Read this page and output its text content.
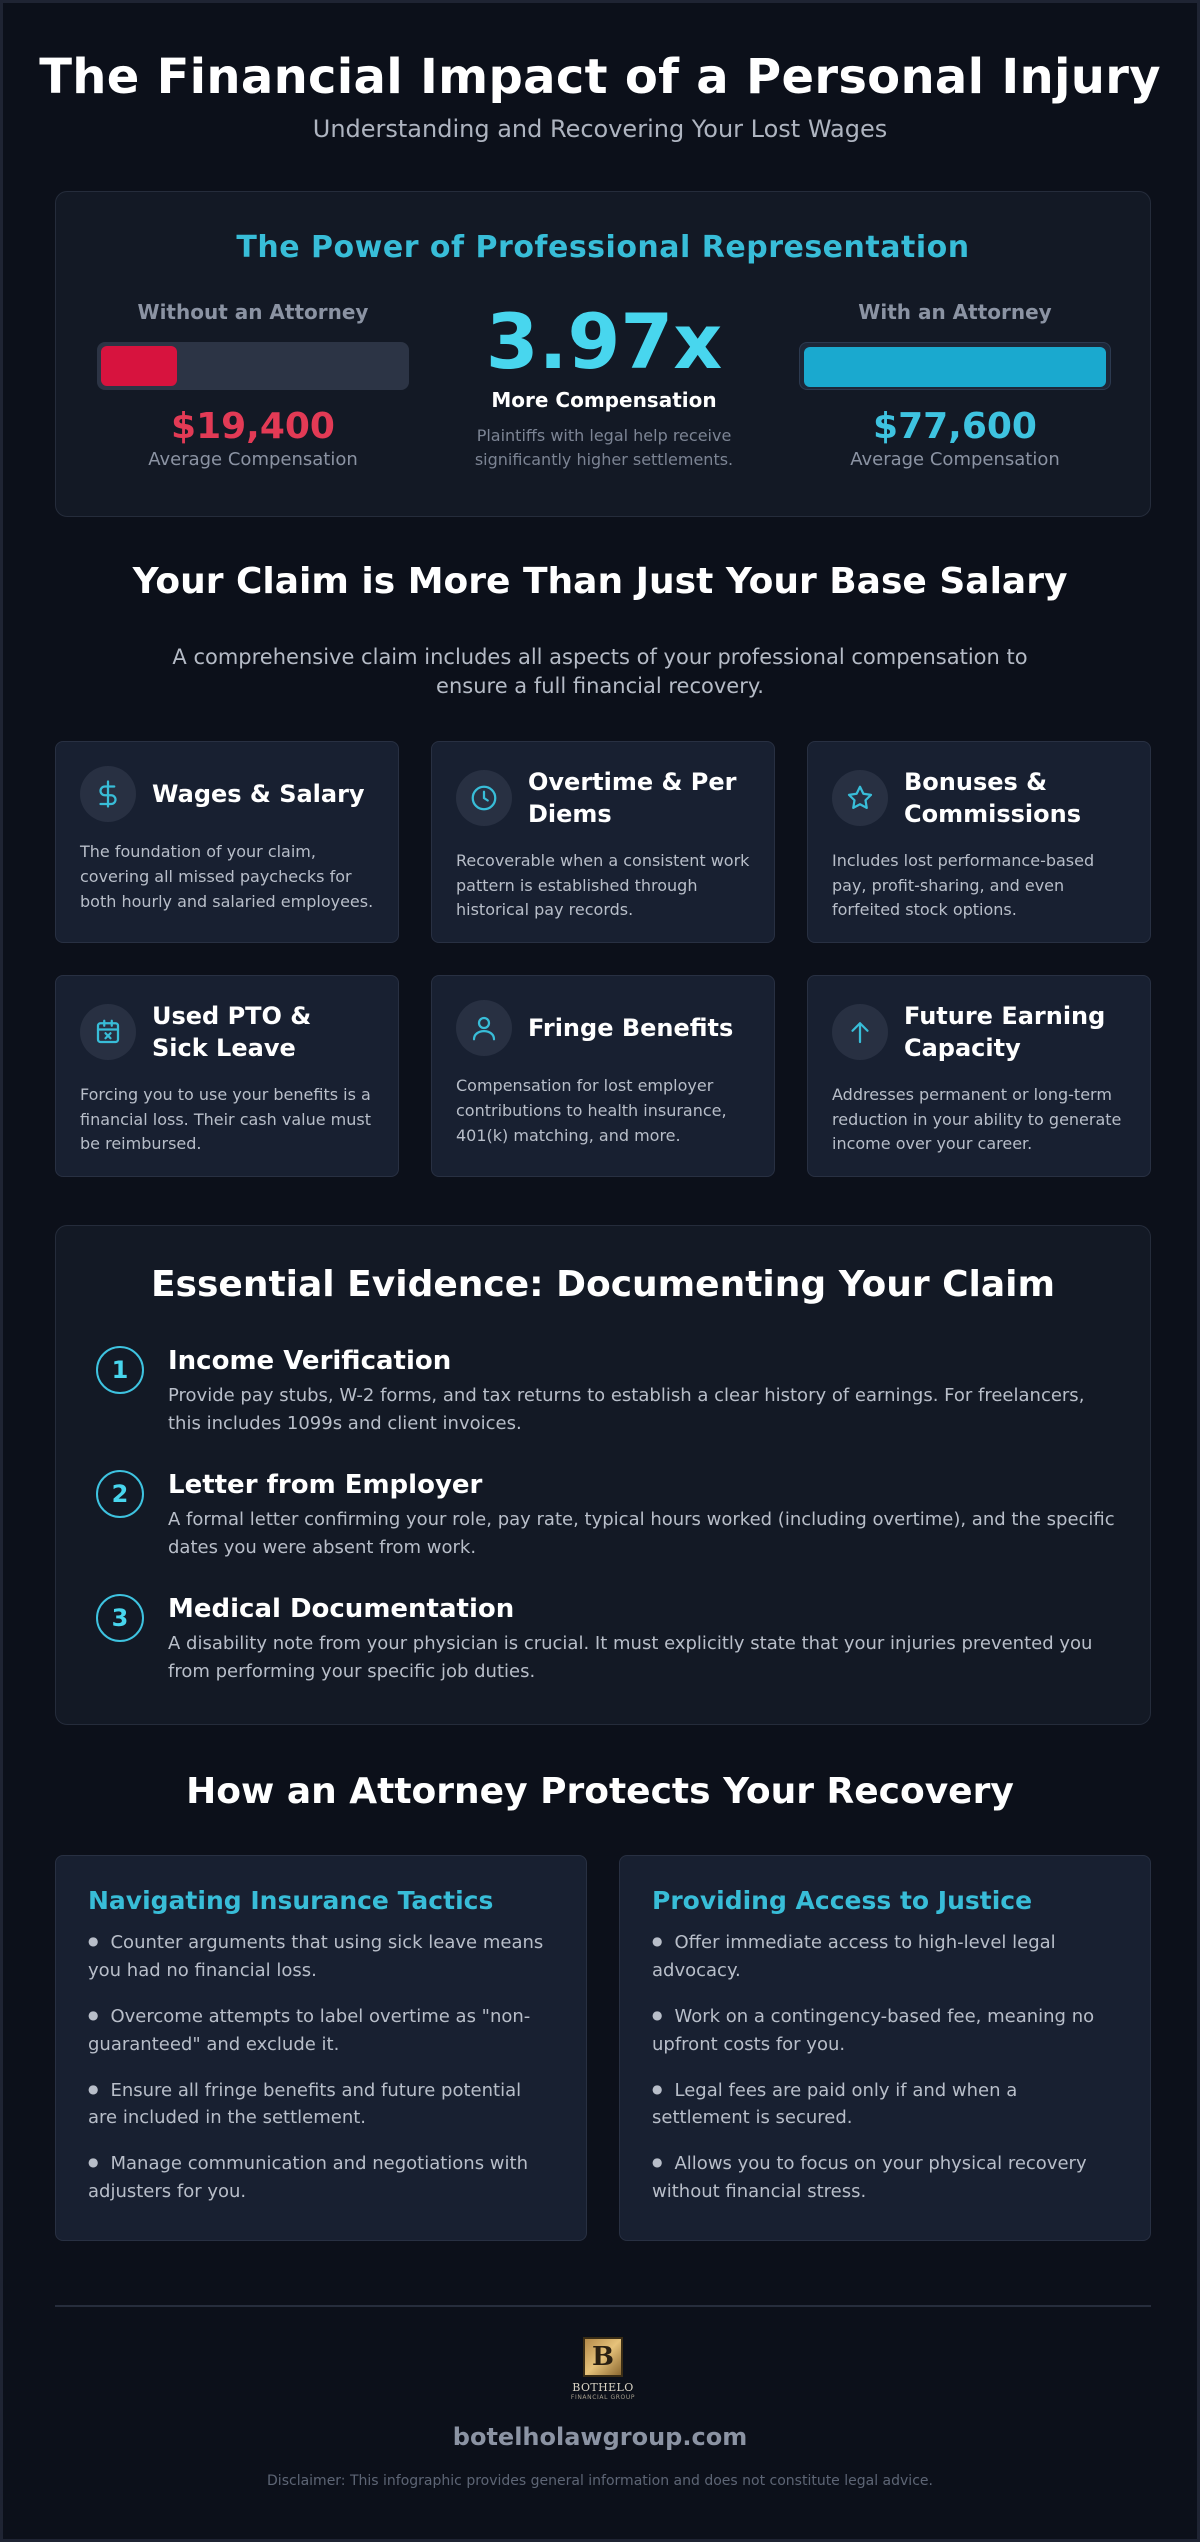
The Financial Impact of a Personal Injury
Understanding and Recovering Your Lost Wages
The Power of Professional Representation
Without an Attorney
$19,400
Average Compensation
3.97x
More Compensation
Plaintiffs with legal help receive significantly higher settlements.
With an Attorney
$77,600
Average Compensation
Your Claim is More Than Just Your Base Salary
A comprehensive claim includes all aspects of your professional compensation to ensure a full financial recovery.
Wages & Salary
The foundation of your claim, covering all missed paychecks for both hourly and salaried employees.
Overtime & Per Diems
Recoverable when a consistent work pattern is established through historical pay records.
Bonuses & Commissions
Includes lost performance-based pay, profit-sharing, and even forfeited stock options.
Used PTO & Sick Leave
Forcing you to use your benefits is a financial loss. Their cash value must be reimbursed.
Fringe Benefits
Compensation for lost employer contributions to health insurance, 401(k) matching, and more.
Future Earning Capacity
Addresses permanent or long-term reduction in your ability to generate income over your career.
Essential Evidence: Documenting Your Claim
1	Income Verification
Provide pay stubs, W-2 forms, and tax returns to establish a clear history of earnings. For freelancers, this includes 1099s and client invoices.
2	Letter from Employer
A formal letter confirming your role, pay rate, typical hours worked (including overtime), and the specific dates you were absent from work.
3	Medical Documentation
A disability note from your physician is crucial. It must explicitly state that your injuries prevented you from performing your specific job duties.
How an Attorney Protects Your Recovery
Navigating Insurance Tactics
● Counter arguments that using sick leave means you had no financial loss.
● Overcome attempts to label overtime as "non-guaranteed" and exclude it.
● Ensure all fringe benefits and future potential are included in the settlement.
● Manage communication and negotiations with adjusters for you.
Providing Access to Justice
● Offer immediate access to high-level legal advocacy.
● Work on a contingency-based fee, meaning no upfront costs for you.
● Legal fees are paid only if and when a settlement is secured.
● Allows you to focus on your physical recovery without financial stress.
B
BOTHELO
FINANCIAL GROUP
botelholawgroup.com
Disclaimer: This infographic provides general information and does not constitute legal advice.
